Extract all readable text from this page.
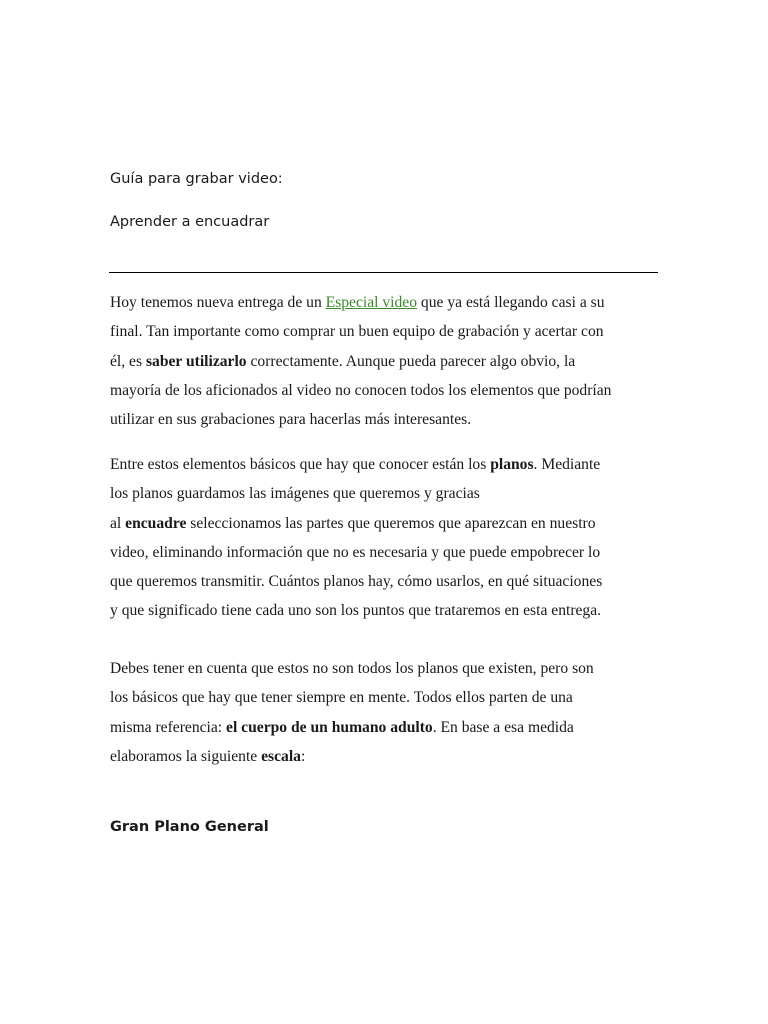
Guía para grabar video:
Aprender a encuadrar

Hoy tenemos nueva entrega de un Especial video que ya está llegando casi a su
final. Tan importante como comprar un buen equipo de grabación y acertar con
él, es saber utilizarlo correctamente. Aunque pueda parecer algo obvio, la
mayoría de los aficionados al video no conocen todos los elementos que podrían
utilizar en sus grabaciones para hacerlas más interesantes.

Entre estos elementos básicos que hay que conocer están los planos. Mediante
los planos guardamos las imágenes que queremos y gracias
al encuadre seleccionamos las partes que queremos que aparezcan en nuestro
video, eliminando información que no es necesaria y que puede empobrecer lo
que queremos transmitir. Cuántos planos hay, cómo usarlos, en qué situaciones
y que significado tiene cada uno son los puntos que trataremos en esta entrega.

Debes tener en cuenta que estos no son todos los planos que existen, pero son
los básicos que hay que tener siempre en mente. Todos ellos parten de una
misma referencia: el cuerpo de un humano adulto. En base a esa medida
elaboramos la siguiente escala:

Gran Plano General
